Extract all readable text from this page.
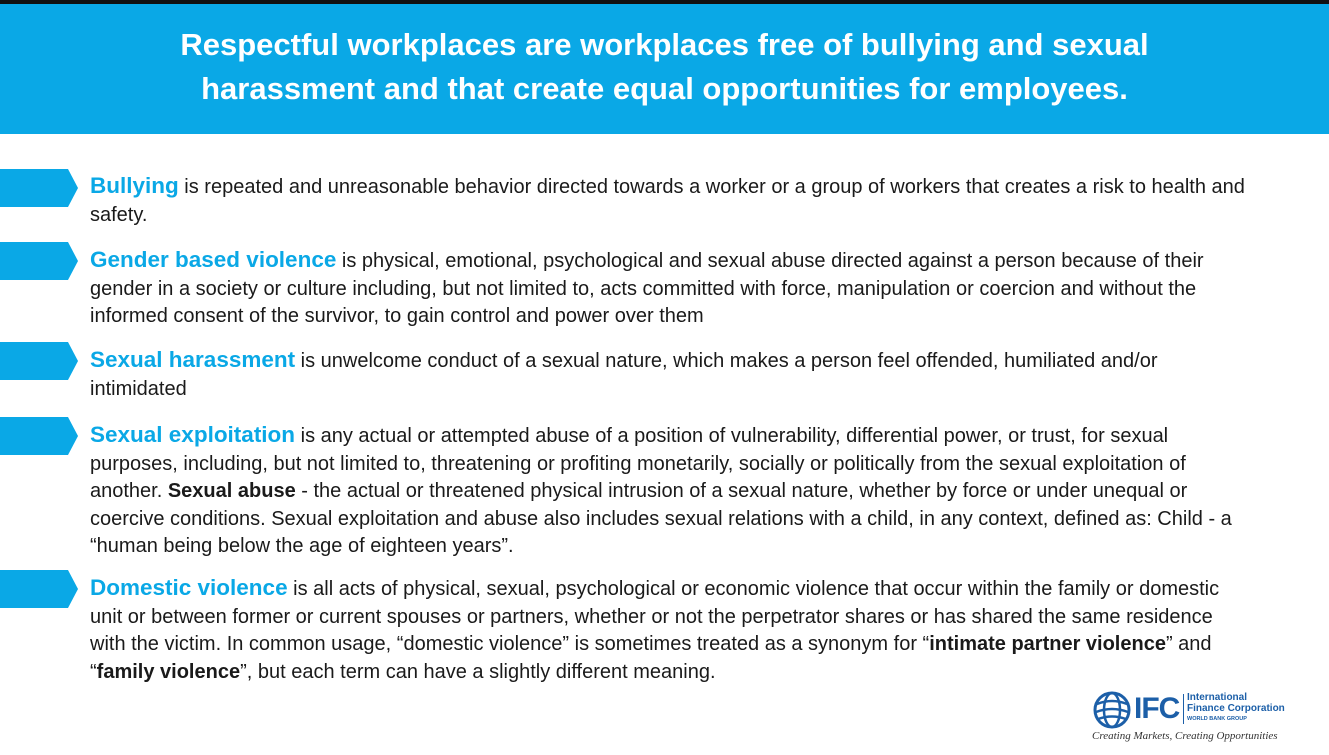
Respectful workplaces are workplaces free of bullying and sexual harassment and that create equal opportunities for employees.
Bullying is repeated and unreasonable behavior directed towards a worker or a group of workers that creates a risk to health and safety.
Gender based violence is physical, emotional, psychological and sexual abuse directed against a person because of their gender in a society or culture including, but not limited to, acts committed with force, manipulation or coercion and without the informed consent of the survivor, to gain control and power over them
Sexual harassment is unwelcome conduct of a sexual nature, which makes a person feel offended, humiliated and/or intimidated
Sexual exploitation is any actual or attempted abuse of a position of vulnerability, differential power, or trust, for sexual purposes, including, but not limited to, threatening or profiting monetarily, socially or politically from the sexual exploitation of another. Sexual abuse - the actual or threatened physical intrusion of a sexual nature, whether by force or under unequal or coercive conditions. Sexual exploitation and abuse also includes sexual relations with a child, in any context, defined as: Child - a “human being below the age of eighteen years”.
Domestic violence is all acts of physical, sexual, psychological or economic violence that occur within the family or domestic unit or between former or current spouses or partners, whether or not the perpetrator shares or has shared the same residence with the victim. In common usage, “domestic violence” is sometimes treated as a synonym for “intimate partner violence” and “family violence”, but each term can have a slightly different meaning.
IFC International
Finance Corporation
WORLD BANK GROUP
Creating Markets, Creating Opportunities
